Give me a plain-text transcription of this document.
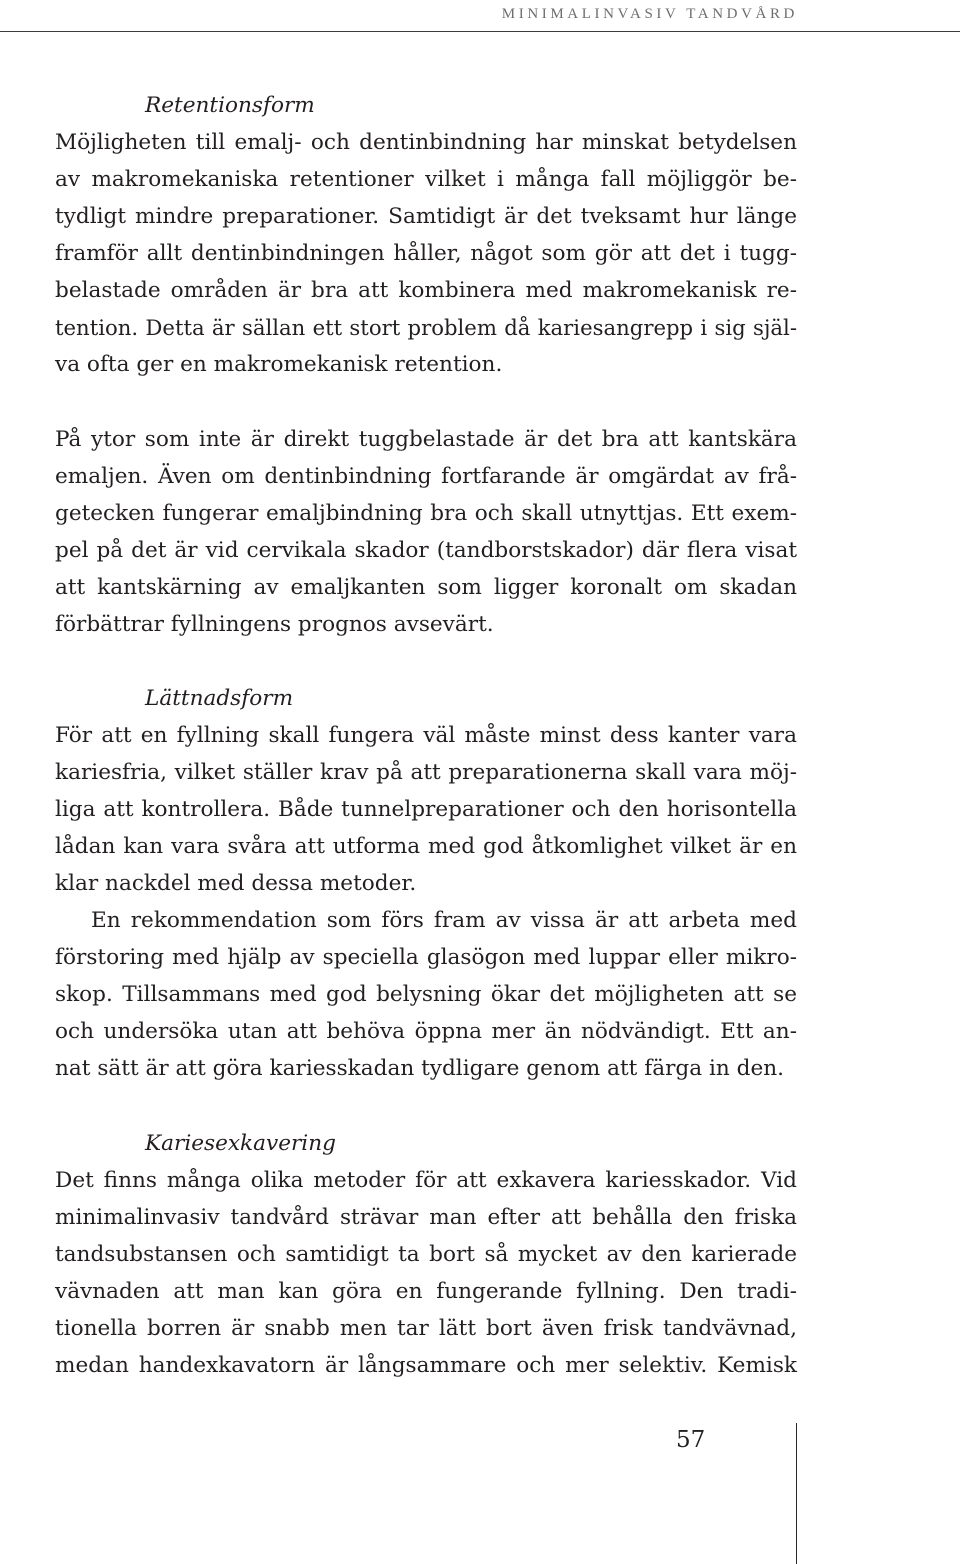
MINIMALINVASIV TANDVÅRD
Retentionsform
Möjligheten till emalj- och dentinbindning har minskat betydelsen
av makromekaniska retentioner vilket i många fall möjliggör be-
tydligt mindre preparationer. Samtidigt är det tveksamt hur länge
framför allt dentinbindningen håller, något som gör att det i tugg-
belastade områden är bra att kombinera med makromekanisk re-
tention. Detta är sällan ett stort problem då kariesangrepp i sig själ-
va ofta ger en makromekanisk retention.
På ytor som inte är direkt tuggbelastade är det bra att kantskära
emaljen. Även om dentinbindning fortfarande är omgärdat av frå-
getecken fungerar emaljbindning bra och skall utnyttjas. Ett exem-
pel på det är vid cervikala skador (tandborstskador) där flera visat
att kantskärning av emaljkanten som ligger koronalt om skadan
förbättrar fyllningens prognos avsevärt.
Lättnadsform
För att en fyllning skall fungera väl måste minst dess kanter vara
kariesfria, vilket ställer krav på att preparationerna skall vara möj-
liga att kontrollera. Både tunnelpreparationer och den horisontella
lådan kan vara svåra att utforma med god åtkomlighet vilket är en
klar nackdel med dessa metoder.
En rekommendation som förs fram av vissa är att arbeta med
förstoring med hjälp av speciella glasögon med luppar eller mikro-
skop. Tillsammans med god belysning ökar det möjligheten att se
och undersöka utan att behöva öppna mer än nödvändigt. Ett an-
nat sätt är att göra kariesskadan tydligare genom att färga in den.
Kariesexkavering
Det finns många olika metoder för att exkavera kariesskador. Vid
minimalinvasiv tandvård strävar man efter att behålla den friska
tandsubstansen och samtidigt ta bort så mycket av den karierade
vävnaden att man kan göra en fungerande fyllning. Den tradi-
tionella borren är snabb men tar lätt bort även frisk tandvävnad,
medan handexkavatorn är långsammare och mer selektiv. Kemisk
57
